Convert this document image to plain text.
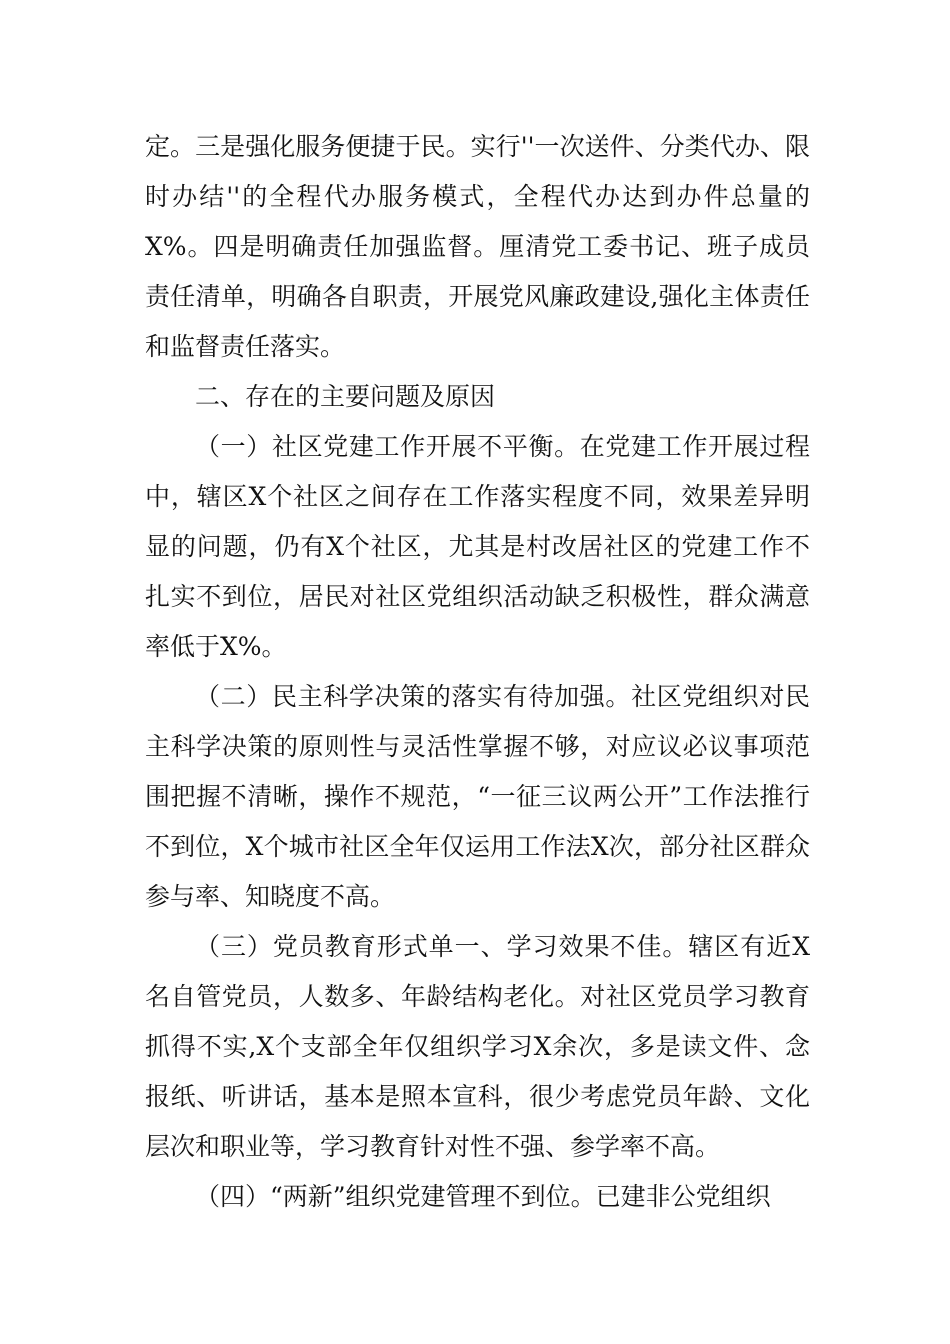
定。三是强化服务便捷于民。实行''一次送件、分类代办、限时办结''的全程代办服务模式，全程代办达到办件总量的X%。四是明确责任加强监督。厘清党工委书记、班子成员责任清单，明确各自职责，开展党风廉政建设,强化主体责任和监督责任落实。

二、存在的主要问题及原因

（一）社区党建工作开展不平衡。在党建工作开展过程中，辖区X个社区之间存在工作落实程度不同，效果差异明显的问题，仍有X个社区，尤其是村改居社区的党建工作不扎实不到位，居民对社区党组织活动缺乏积极性，群众满意率低于X%。

（二）民主科学决策的落实有待加强。社区党组织对民主科学决策的原则性与灵活性掌握不够，对应议必议事项范围把握不清晰，操作不规范，“一征三议两公开”工作法推行不到位，X个城市社区全年仅运用工作法X次，部分社区群众参与率、知晓度不高。

（三）党员教育形式单一、学习效果不佳。辖区有近X名自管党员，人数多、年龄结构老化。对社区党员学习教育抓得不实,X个支部全年仅组织学习X余次，多是读文件、念报纸、听讲话，基本是照本宣科，很少考虑党员年龄、文化层次和职业等，学习教育针对性不强、参学率不高。

（四）“两新”组织党建管理不到位。已建非公党组织
